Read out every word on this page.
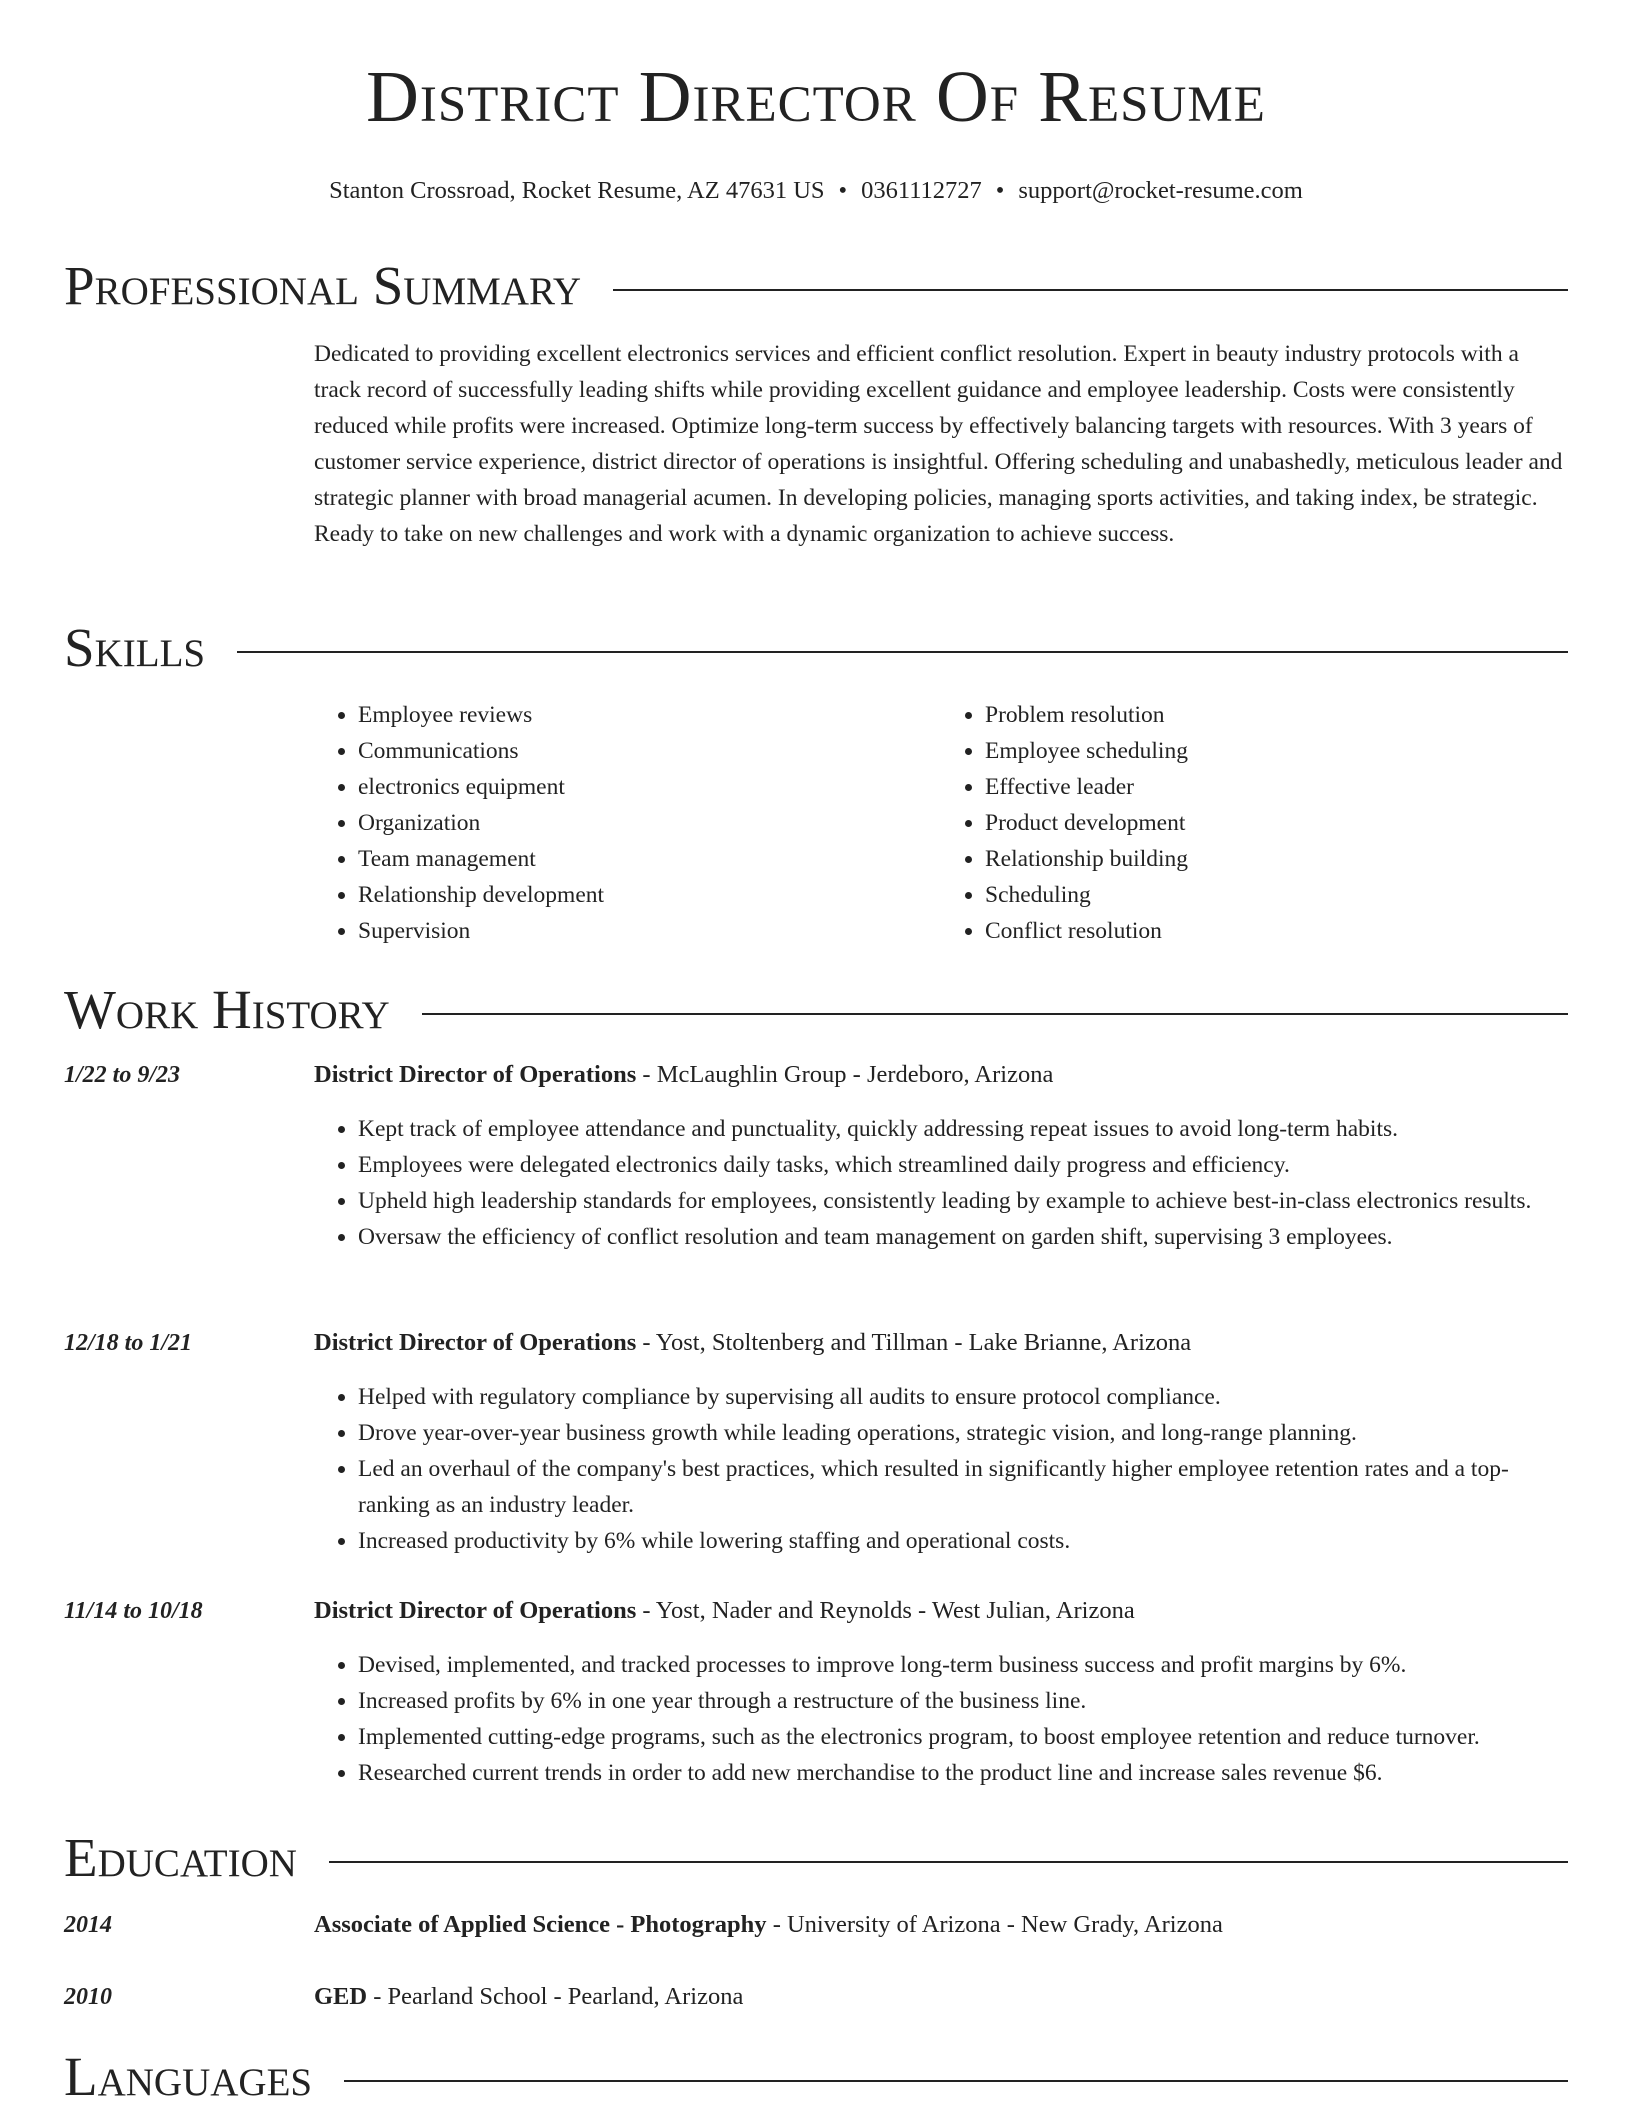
District Director Of Resume
Stanton Crossroad, Rocket Resume, AZ 47631 US • 0361112727 • support@rocket-resume.com
Professional Summary

Dedicated to providing excellent electronics services and efficient conflict resolution. Expert in beauty industry protocols with a track record of successfully leading shifts while providing excellent guidance and employee leadership. Costs were consistently reduced while profits were increased. Optimize long-term success by effectively balancing targets with resources. With 3 years of customer service experience, district director of operations is insightful. Offering scheduling and unabashedly, meticulous leader and strategic planner with broad managerial acumen. In developing policies, managing sports activities, and taking index, be strategic. Ready to take on new challenges and work with a dynamic organization to achieve success.

Skills
• Employee reviews
• Communications
• electronics equipment
• Organization
• Team management
• Relationship development
• Supervision
• Problem resolution
• Employee scheduling
• Effective leader
• Product development
• Relationship building
• Scheduling
• Conflict resolution
Work History
1/22 to 9/23	District Director of Operations - McLaughlin Group - Jerdeboro, Arizona
• Kept track of employee attendance and punctuality, quickly addressing repeat issues to avoid long-term habits.
• Employees were delegated electronics daily tasks, which streamlined daily progress and efficiency.
• Upheld high leadership standards for employees, consistently leading by example to achieve best-in-class electronics results.
• Oversaw the efficiency of conflict resolution and team management on garden shift, supervising 3 employees.
12/18 to 1/21	District Director of Operations - Yost, Stoltenberg and Tillman - Lake Brianne, Arizona
• Helped with regulatory compliance by supervising all audits to ensure protocol compliance.
• Drove year-over-year business growth while leading operations, strategic vision, and long-range planning.
• Led an overhaul of the company's best practices, which resulted in significantly higher employee retention rates and a top-ranking as an industry leader.
• Increased productivity by 6% while lowering staffing and operational costs.
11/14 to 10/18	District Director of Operations - Yost, Nader and Reynolds - West Julian, Arizona
• Devised, implemented, and tracked processes to improve long-term business success and profit margins by 6%.
• Increased profits by 6% in one year through a restructure of the business line.
• Implemented cutting-edge programs, such as the electronics program, to boost employee retention and reduce turnover.
• Researched current trends in order to add new merchandise to the product line and increase sales revenue $6.
Education
2014	Associate of Applied Science - Photography - University of Arizona - New Grady, Arizona
2010	GED - Pearland School - Pearland, Arizona
Languages
